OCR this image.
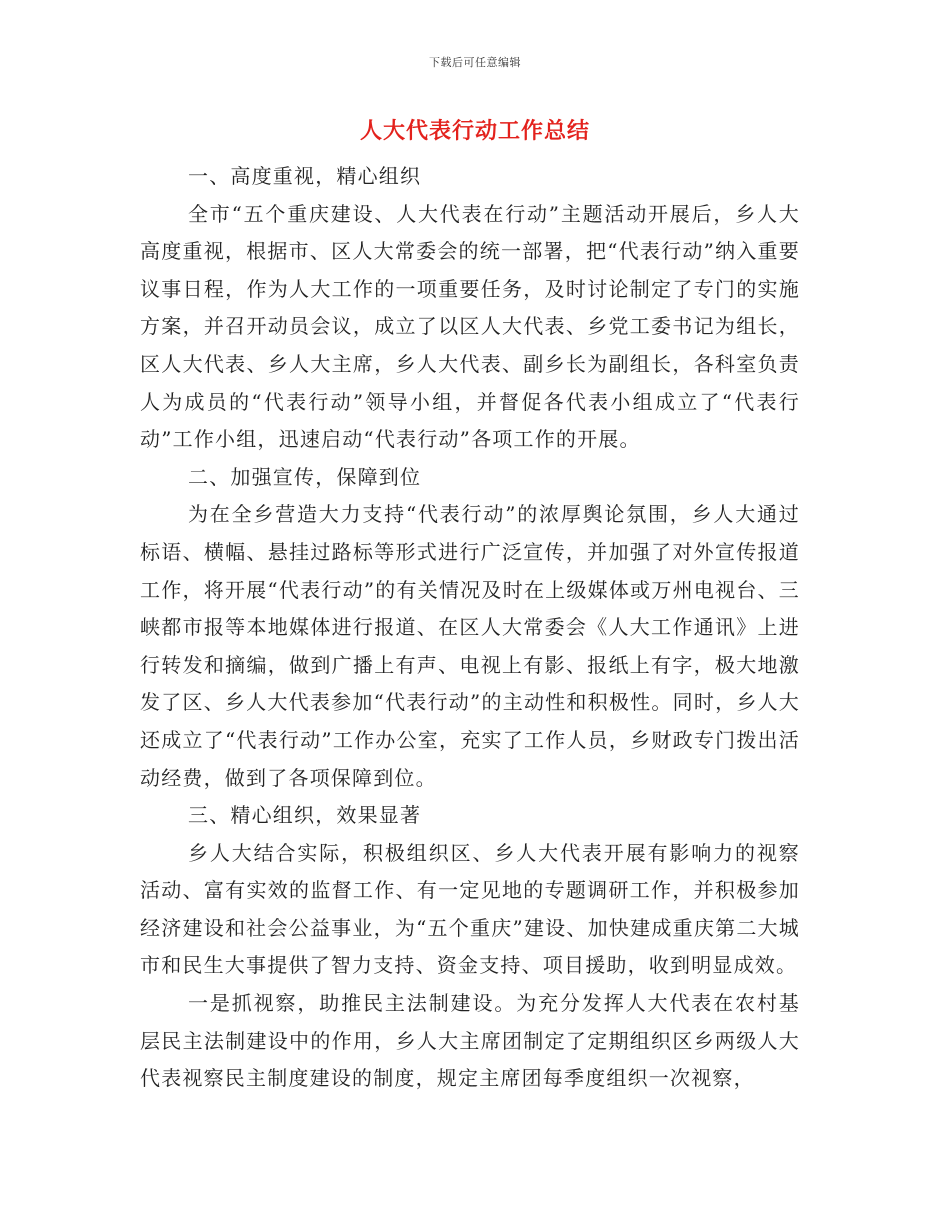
下载后可任意编辑
人大代表行动工作总结

一、高度重视，精心组织

全市“五个重庆建设、人大代表在行动”主题活动开展后，乡人大高度重视，根据市、区人大常委会的统一部署，把“代表行动”纳入重要议事日程，作为人大工作的一项重要任务，及时讨论制定了专门的实施方案，并召开动员会议，成立了以区人大代表、乡党工委书记为组长，区人大代表、乡人大主席，乡人大代表、副乡长为副组长，各科室负责人为成员的“代表行动”领导小组，并督促各代表小组成立了“代表行动”工作小组，迅速启动“代表行动”各项工作的开展。

二、加强宣传，保障到位

为在全乡营造大力支持“代表行动”的浓厚舆论氛围，乡人大通过标语、横幅、悬挂过路标等形式进行广泛宣传，并加强了对外宣传报道工作，将开展“代表行动”的有关情况及时在上级媒体或万州电视台、三峡都市报等本地媒体进行报道、在区人大常委会《人大工作通讯》上进行转发和摘编，做到广播上有声、电视上有影、报纸上有字，极大地激发了区、乡人大代表参加“代表行动”的主动性和积极性。同时，乡人大还成立了“代表行动”工作办公室，充实了工作人员，乡财政专门拨出活动经费，做到了各项保障到位。

三、精心组织，效果显著

乡人大结合实际，积极组织区、乡人大代表开展有影响力的视察活动、富有实效的监督工作、有一定见地的专题调研工作，并积极参加经济建设和社会公益事业，为“五个重庆”建设、加快建成重庆第二大城市和民生大事提供了智力支持、资金支持、项目援助，收到明显成效。

一是抓视察，助推民主法制建设。为充分发挥人大代表在农村基层民主法制建设中的作用，乡人大主席团制定了定期组织区乡两级人大代表视察民主制度建设的制度，规定主席团每季度组织一次视察，
